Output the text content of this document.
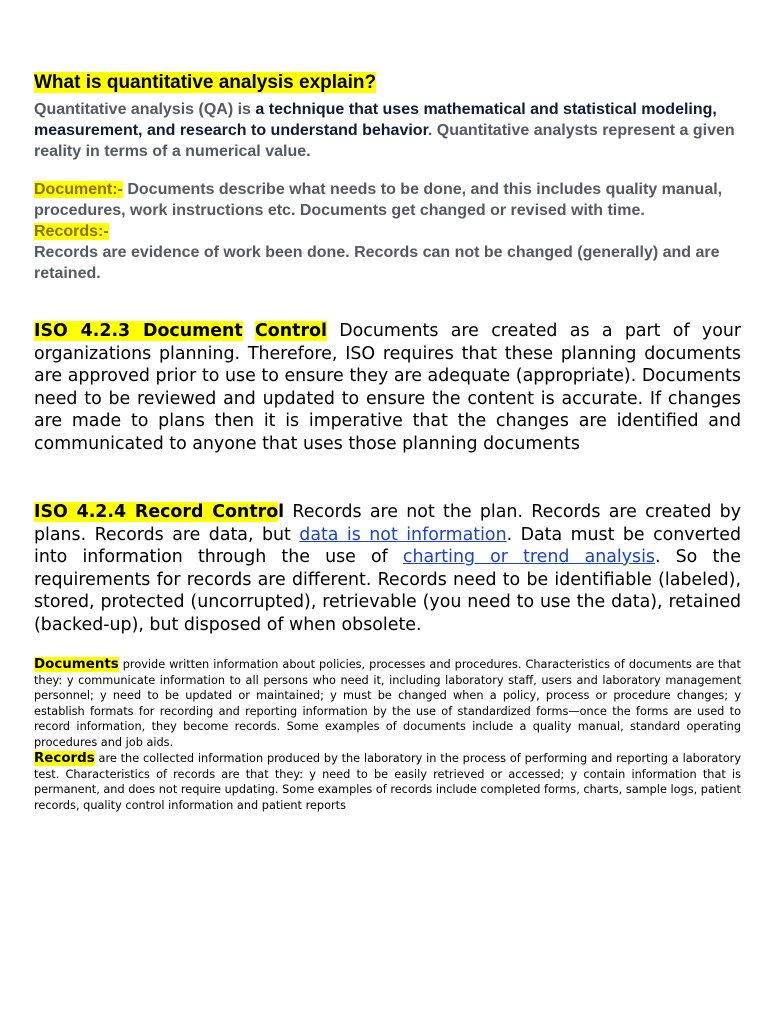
What is quantitative analysis explain?

Quantitative analysis (QA) is a technique that uses mathematical and statistical modeling, measurement, and research to understand behavior. Quantitative analysts represent a given reality in terms of a numerical value.

Document:- Documents describe what needs to be done, and this includes quality manual, procedures, work instructions etc. Documents get changed or revised with time.

Records:-

Records are evidence of work been done. Records can not be changed (generally) and are retained.

ISO 4.2.3 Document Control Documents are created as a part of your organizations planning. Therefore, ISO requires that these planning documents are approved prior to use to ensure they are adequate (appropriate). Documents need to be reviewed and updated to ensure the content is accurate. If changes are made to plans then it is imperative that the changes are identified and communicated to anyone that uses those planning documents

ISO 4.2.4 Record Control Records are not the plan. Records are created by plans. Records are data, but data is not information. Data must be converted into information through the use of charting or trend analysis. So the requirements for records are different. Records need to be identifiable (labeled), stored, protected (uncorrupted), retrievable (you need to use the data), retained (backed-up), but disposed of when obsolete.

Documents provide written information about policies, processes and procedures. Characteristics of documents are that they: у communicate information to all persons who need it, including laboratory staff, users and laboratory management personnel; у need to be updated or maintained; у must be changed when a policy, process or procedure changes; у establish formats for recording and reporting information by the use of standardized forms—once the forms are used to record information, they become records. Some examples of documents include a quality manual, standard operating procedures and job aids.

Records are the collected information produced by the laboratory in the process of performing and reporting a laboratory test. Characteristics of records are that they: у need to be easily retrieved or accessed; у contain information that is permanent, and does not require updating. Some examples of records include completed forms, charts, sample logs, patient records, quality control information and patient reports
